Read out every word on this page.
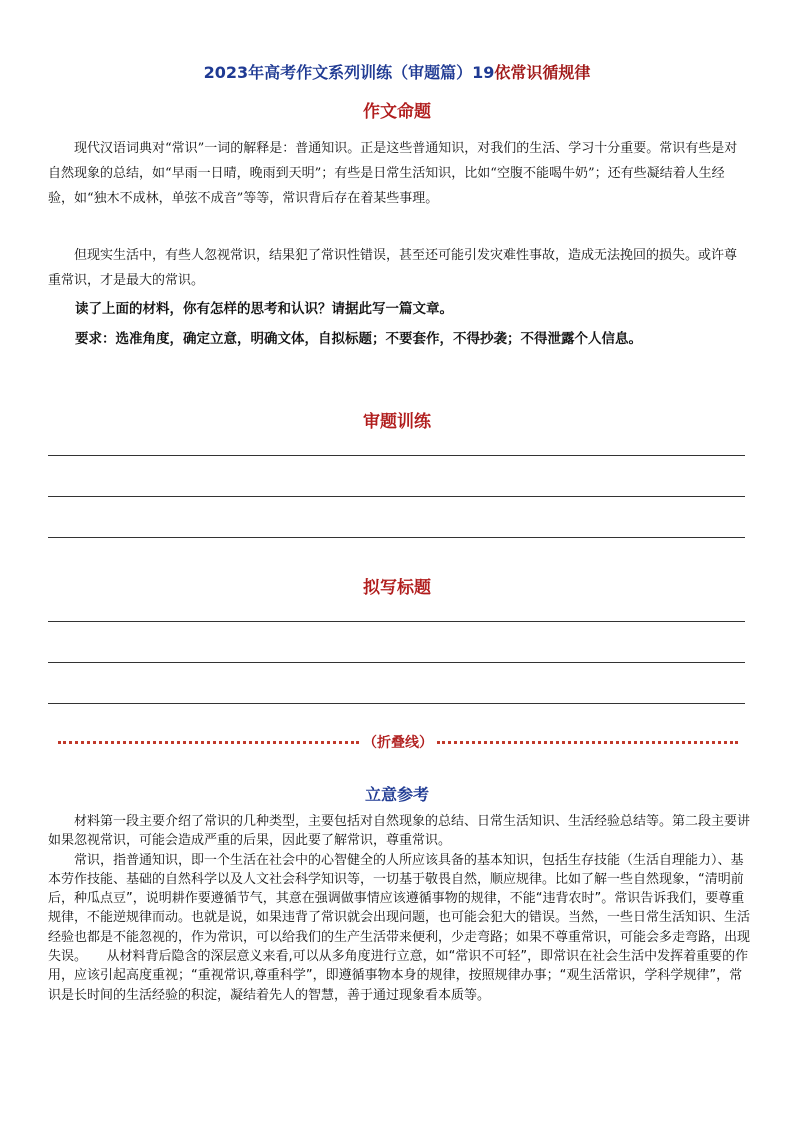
2023年高考作文系列训练（审题篇）19依常识循规律
作文命题

现代汉语词典对“常识”一词的解释是：普通知识。正是这些普通知识，对我们的生活、学习十分重要。常识有些是对自然现象的总结，如“早雨一日晴，晚雨到天明”；有些是日常生活知识，比如“空腹不能喝牛奶”；还有些凝结着人生经验，如“独木不成林，单弦不成音”等等，常识背后存在着某些事理。

但现实生活中，有些人忽视常识，结果犯了常识性错误，甚至还可能引发灾难性事故，造成无法挽回的损失。或许尊重常识，才是最大的常识。

读了上面的材料，你有怎样的思考和认识？请据此写一篇文章。

要求：选准角度，确定立意，明确文体，自拟标题；不要套作，不得抄袭；不得泄露个人信息。

审题训练
拟写标题
（折叠线）
立意参考

材料第一段主要介绍了常识的几种类型，主要包括对自然现象的总结、日常生活知识、生活经验总结等。第二段主要讲如果忽视常识，可能会造成严重的后果，因此要了解常识，尊重常识。

常识，指普通知识，即一个生活在社会中的心智健全的人所应该具备的基本知识，包括生存技能（生活自理能力）、基本劳作技能、基础的自然科学以及人文社会科学知识等，一切基于敬畏自然，顺应规律。比如了解一些自然现象，“清明前后，种瓜点豆”，说明耕作要遵循节气，其意在强调做事情应该遵循事物的规律，不能“违背农时”。常识告诉我们，要尊重规律，不能逆规律而动。也就是说，如果违背了常识就会出现问题，也可能会犯大的错误。当然，一些日常生活知识、生活经验也都是不能忽视的，作为常识，可以给我们的生产生活带来便利，少走弯路；如果不尊重常识，可能会多走弯路，出现失误。　　从材料背后隐含的深层意义来看,可以从多角度进行立意，如“常识不可轻”，即常识在社会生活中发挥着重要的作用，应该引起高度重视；“重视常识,尊重科学”，即遵循事物本身的规律，按照规律办事；“观生活常识，学科学规律”，常识是长时间的生活经验的积淀，凝结着先人的智慧，善于通过现象看本质等。
